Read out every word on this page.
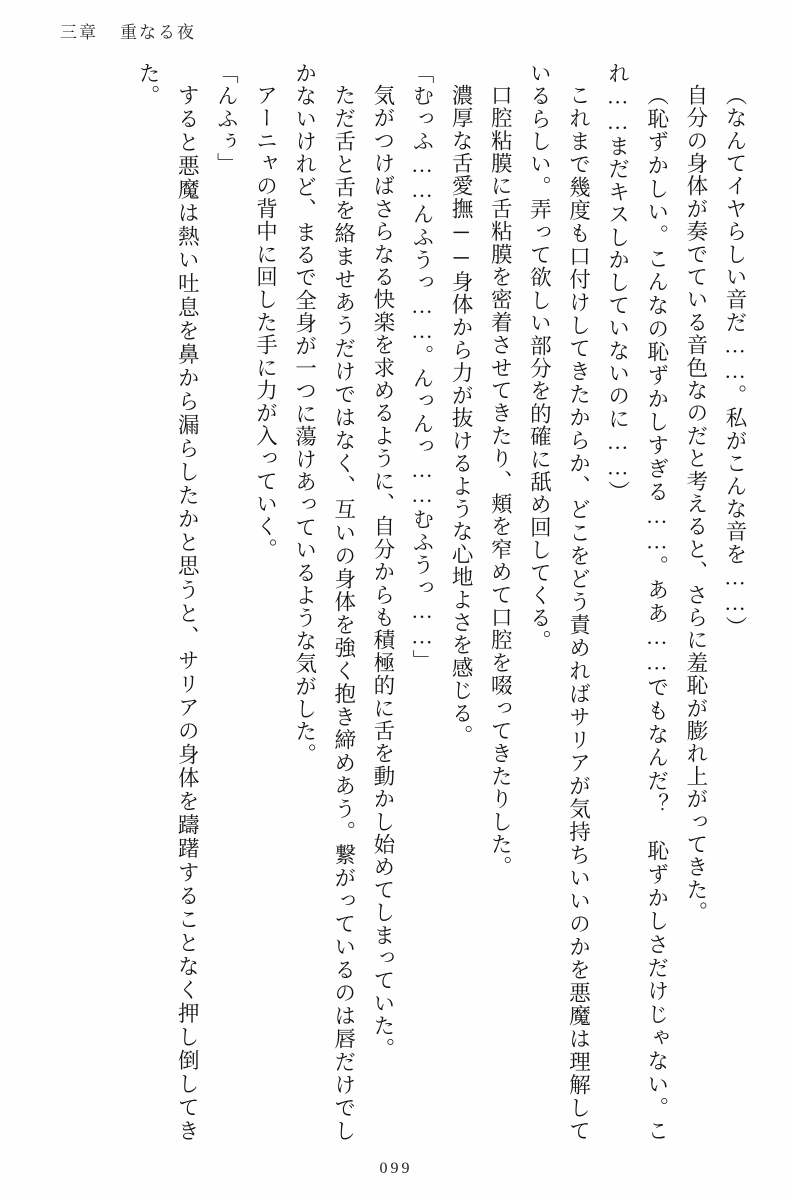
三章 重なる夜

（なんてイヤらしい音だ……。私がこんな音を……）

自分の身体が奏でている音色なのだと考えると、さらに羞恥が膨れ上がってきた。

（恥ずかしい。こんなの恥ずかしすぎる……。ああ……でもなんだ？　恥ずかしさだけじゃない。これ……まだキスしかしていないのに……）

これまで幾度も口付けしてきたからか、どこをどう責めればサリアが気持ちいいのかを悪魔は理解しているらしい。弄って欲しい部分を的確に舐め回してくる。

口腔粘膜に舌粘膜を密着させてきたり、頬を窄めて口腔を啜ってきたりした。

濃厚な舌愛撫──身体から力が抜けるような心地よさを感じる。

「むっふ……んふうっ……。んっんっ……むふうっ……」

気がつけばさらなる快楽を求めるように、自分からも積極的に舌を動かし始めてしまっていた。

ただ舌と舌を絡ませあうだけではなく、互いの身体を強く抱き締めあう。繋がっているのは唇だけでしかないけれど、まるで全身が一つに蕩けあっているような気がした。

アーニャの背中に回した手に力が入っていく。

「んふぅ」

すると悪魔は熱い吐息を鼻から漏らしたかと思うと、サリアの身体を躊躇することなく押し倒してきた。

099
